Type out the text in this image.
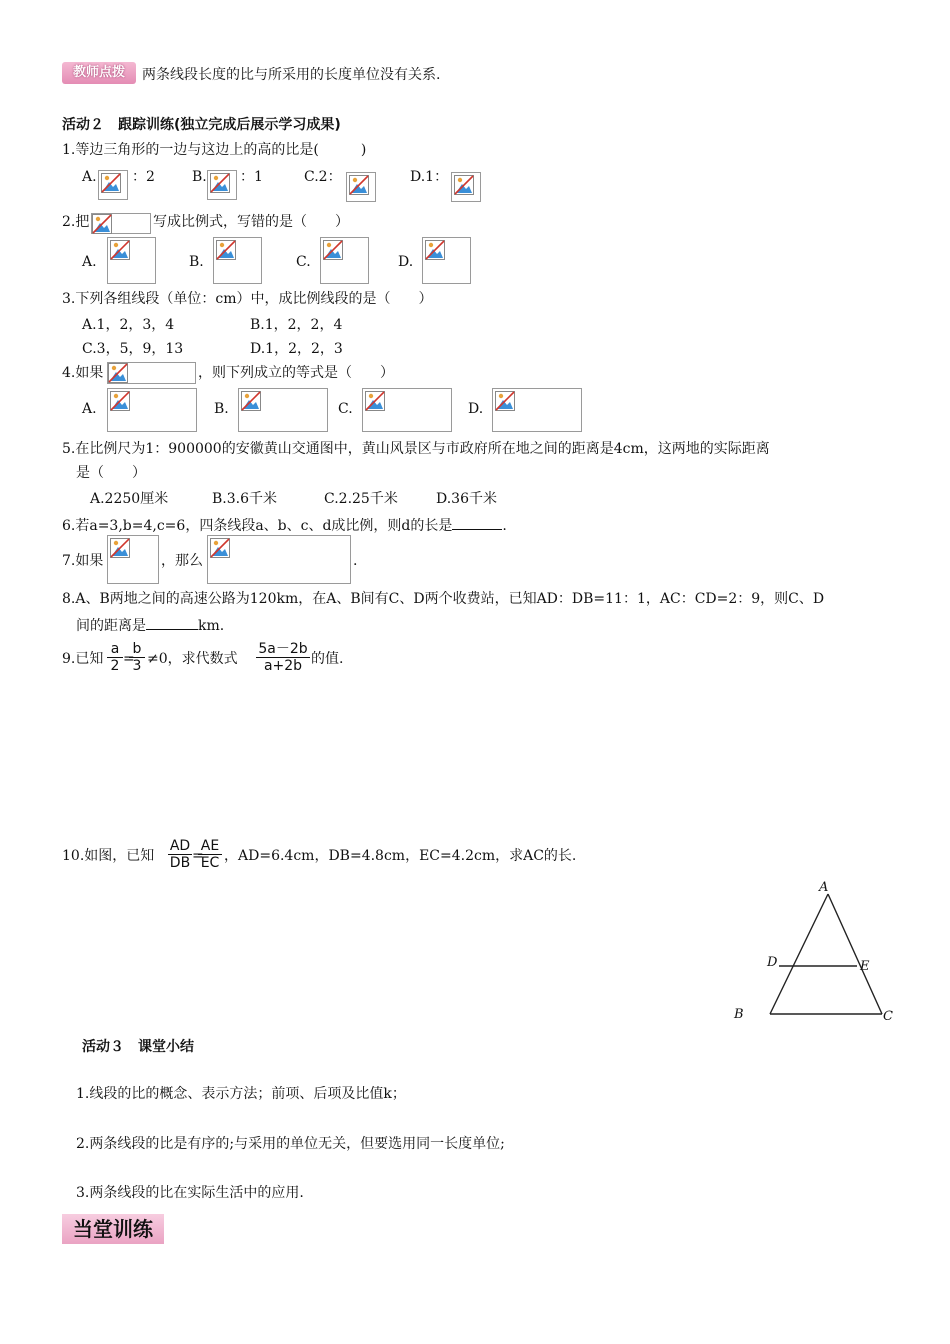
教师点拨	两条线段长度的比与所采用的长度单位没有关系.
活动２　跟踪训练(独立完成后展示学习成果)
1.等边三角形的一边与这边上的高的比是(　　　)
A.	：2	B. ：1	C.2：	D.1：
2.把	写成比例式，写错的是（　　）
A.	B.	C.	D.
3.下列各组线段（单位：cm）中，成比例线段的是（　　）
A.1，2，3，4	B.1，2，2，4
C.3，5，9，13	D.1，2，2，3
4.如果	，则下列成立的等式是（　　）
A.	B.	C.	D.
5.在比例尺为1：900000的安徽黄山交通图中，黄山风景区与市政府所在地之间的距离是4cm，这两地的实际距离
是（　　）
A.2250厘米	B.3.6千米	C.2.25千米	D.36千米
6.若a=3,b=4,c=6，四条线段a、b、c、d成比例，则d的长是	.
7.如果	，那么	.
8.A、B两地之间的高速公路为120km，在A、B间有C、D两个收费站，已知AD：DB=11：1，AC：CD=2：9，则C、D
间的距离是	km.
9.已知 $\frac{a}{2}$ =
$\frac{b}{3} \ne 0$，求代数式 $\frac{5a-2b}{a+2b}$ 的值.
10.如图，已知 $\frac{AD}{DB}$ =
$\frac{AE}{EC}$ ，AD=6.4cm，DB=4.8cm，EC=4.2cm，求AC的长.
A
B	C
D	E
活动３　课堂小结
1.线段的比的概念、表示方法；前项、后项及比值k；
2.两条线段的比是有序的;与采用的单位无关，但要选用同一长度单位;
3.两条线段的比在实际生活中的应用.
当堂训练
